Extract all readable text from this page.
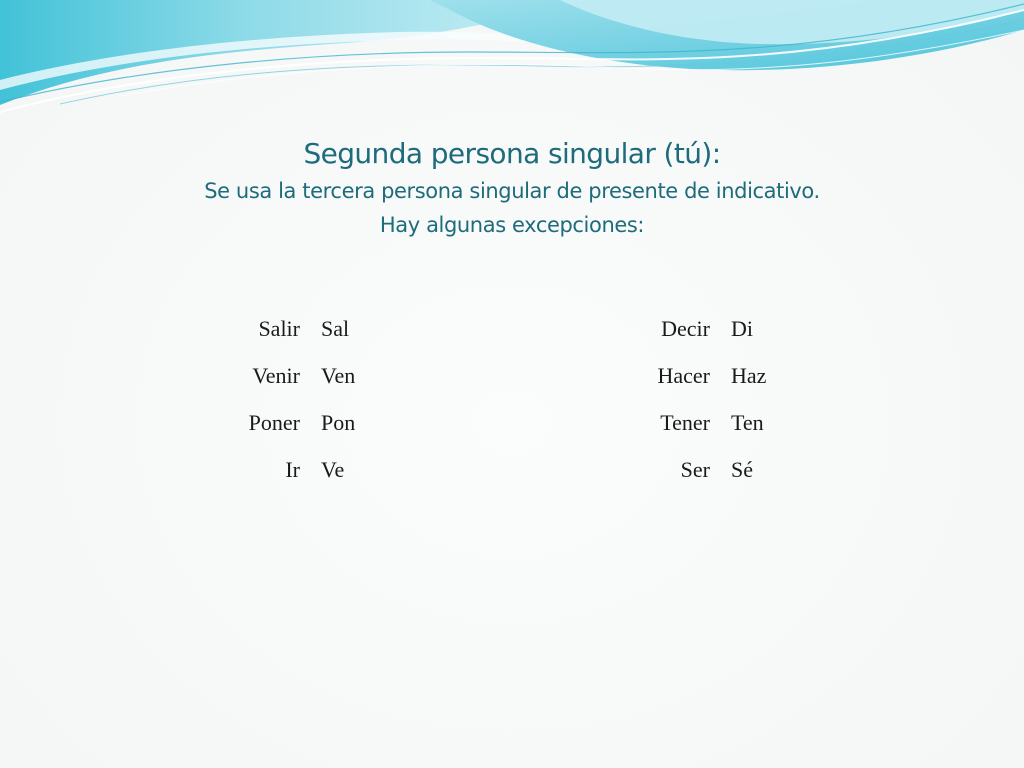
Segunda persona singular (tú):
Se usa la tercera persona singular de presente de indicativo.
Hay algunas excepciones:
Salir Sal
Venir Ven
Poner Pon
Ir Ve
Decir Di
Hacer Haz
Tener Ten
Ser Sé
